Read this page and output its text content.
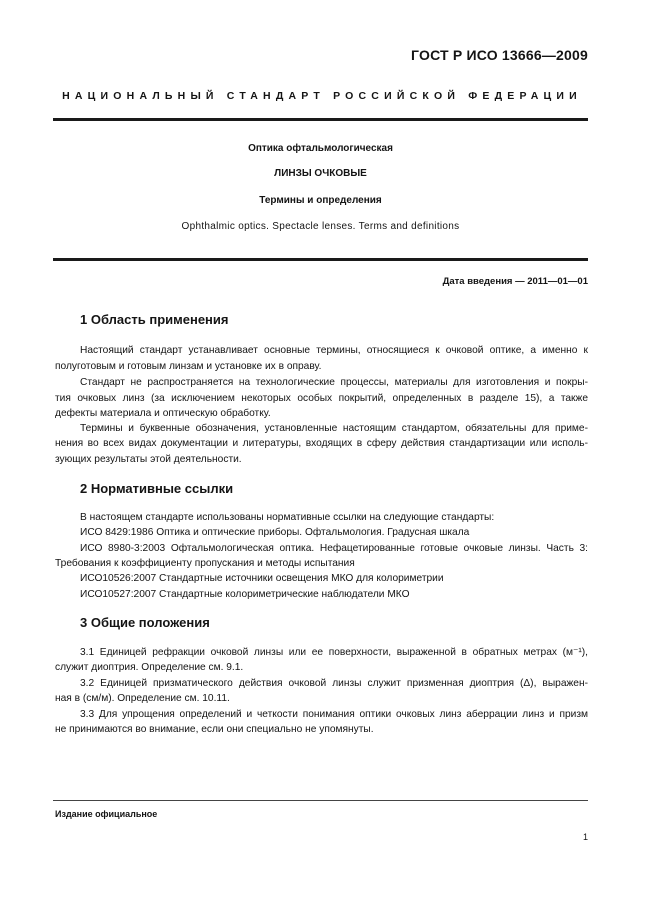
ГОСТ Р ИСО 13666—2009
НАЦИОНАЛЬНЫЙ СТАНДАРТ РОССИЙСКОЙ ФЕДЕРАЦИИ
Оптика офтальмологическая
ЛИНЗЫ ОЧКОВЫЕ
Термины и определения
Ophthalmic optics. Spectacle lenses. Terms and definitions
Дата введения — 2011—01—01
1 Область применения
Настоящий стандарт устанавливает основные термины, относящиеся к очковой оптике, а именно к
полуготовым и готовым линзам и установке их в оправу.
Стандарт не распространяется на технологические процессы, материалы для изготовления и покры-
тия очковых линз (за исключением некоторых особых покрытий, определенных в разделе 15), а также
дефекты материала и оптическую обработку.
Термины и буквенные обозначения, установленные настоящим стандартом, обязательны для приме-
нения во всех видах документации и литературы, входящих в сферу действия стандартизации или исполь-
зующих результаты этой деятельности.
2 Нормативные ссылки
В настоящем стандарте использованы нормативные ссылки на следующие стандарты:
ИСО 8429:1986 Оптика и оптические приборы. Офтальмология. Градусная шкала
ИСО 8980-3:2003 Офтальмологическая оптика. Нефацетированные готовые очковые линзы. Часть 3:
Требования к коэффициенту пропускания и методы испытания
ИСО10526:2007 Стандартные источники освещения МКО для колориметрии
ИСО10527:2007 Стандартные колориметрические наблюдатели МКО
3 Общие положения
3.1 Единицей рефракции очковой линзы или ее поверхности, выраженной в обратных метрах (м⁻¹),
служит диоптрия. Определение см. 9.1.
3.2 Единицей призматического действия очковой линзы служит призменная диоптрия (Δ), выражен-
ная в (см/м). Определение см. 10.11.
3.3 Для упрощения определений и четкости понимания оптики очковых линз аберрации линз и призм
не принимаются во внимание, если они специально не упомянуты.
Издание официальное
1
